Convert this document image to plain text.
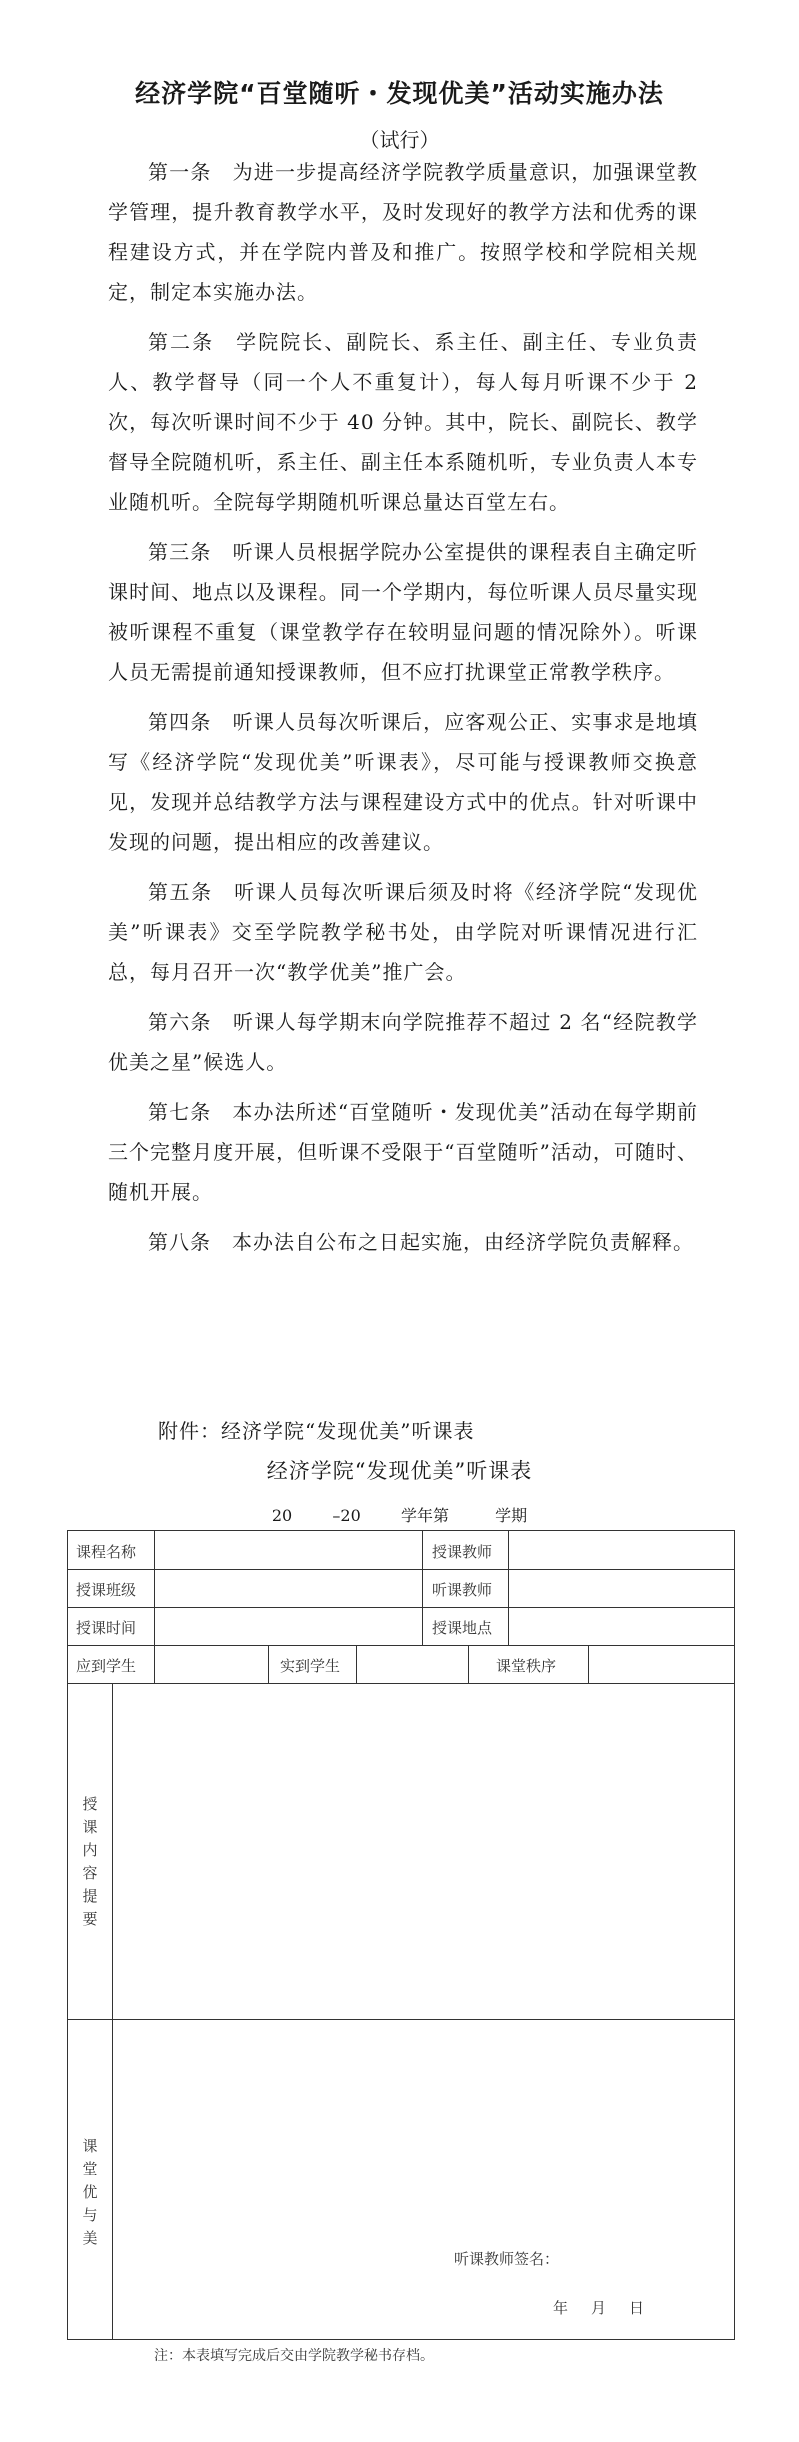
经济学院“百堂随听・发现优美”活动实施办法
（试行）

第一条　为进一步提高经济学院教学质量意识，加强课堂教学管理，提升教育教学水平，及时发现好的教学方法和优秀的课程建设方式，并在学院内普及和推广。按照学校和学院相关规定，制定本实施办法。

第二条　学院院长、副院长、系主任、副主任、专业负责人、教学督导（同一个人不重复计），每人每月听课不少于 2 次，每次听课时间不少于 40 分钟。其中，院长、副院长、教学督导全院随机听，系主任、副主任本系随机听，专业负责人本专业随机听。全院每学期随机听课总量达百堂左右。

第三条　听课人员根据学院办公室提供的课程表自主确定听课时间、地点以及课程。同一个学期内，每位听课人员尽量实现被听课程不重复（课堂教学存在较明显问题的情况除外）。听课人员无需提前通知授课教师，但不应打扰课堂正常教学秩序。

第四条　听课人员每次听课后，应客观公正、实事求是地填写《经济学院“发现优美”听课表》，尽可能与授课教师交换意见，发现并总结教学方法与课程建设方式中的优点。针对听课中发现的问题，提出相应的改善建议。

第五条　听课人员每次听课后须及时将《经济学院“发现优美”听课表》交至学院教学秘书处，由学院对听课情况进行汇总，每月召开一次“教学优美”推广会。

第六条　听课人每学期末向学院推荐不超过 2 名“经院教学优美之星”候选人。

第七条　本办法所述“百堂随听・发现优美”活动在每学期前三个完整月度开展，但听课不受限于“百堂随听”活动，可随时、随机开展。

第八条　本办法自公布之日起实施，由经济学院负责解释。

附件：经济学院“发现优美”听课表
经济学院“发现优美”听课表
20	–20	学年第	学期
课程名称	授课教师
授课班级	听课教师
授课时间	授课地点
应到学生	实到学生	课堂秩序
授课内容提要
课堂优与美
听课教师签名：
年 月 日
注：本表填写完成后交由学院教学秘书存档。
